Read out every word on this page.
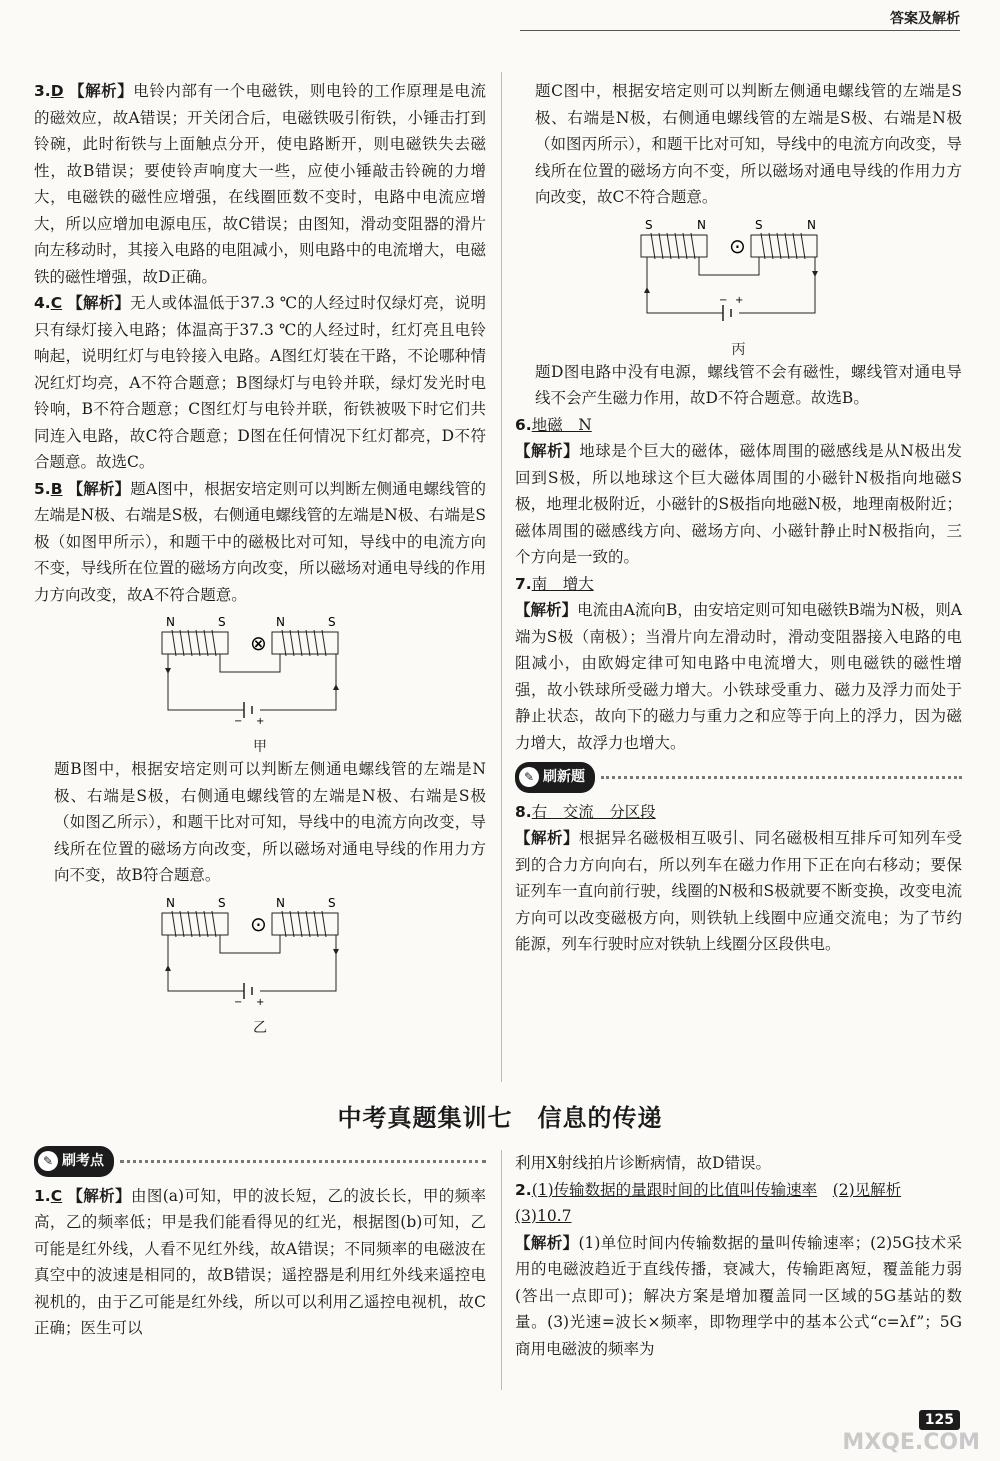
答案及解析

3.D 【解析】电铃内部有一个电磁铁，则电铃的工作原理是电流的磁效应，故A错误；开关闭合后，电磁铁吸引衔铁，小锤击打到铃碗，此时衔铁与上面触点分开，使电路断开，则电磁铁失去磁性，故B错误；要使铃声响度大一些，应使小锤敲击铃碗的力增大，电磁铁的磁性应增强，在线圈匝数不变时，电路中电流应增大，所以应增加电源电压，故C错误；由图知，滑动变阻器的滑片向左移动时，其接入电路的电阻减小，则电路中的电流增大，电磁铁的磁性增强，故D正确。

4.C 【解析】无人或体温低于37.3 ℃的人经过时仅绿灯亮，说明只有绿灯接入电路；体温高于37.3 ℃的人经过时，红灯亮且电铃响起，说明红灯与电铃接入电路。A图红灯装在干路，不论哪种情况红灯均亮，A不符合题意；B图绿灯与电铃并联，绿灯发光时电铃响，B不符合题意；C图红灯与电铃并联，衔铁被吸下时它们共同连入电路，故C符合题意；D图在任何情况下红灯都亮，D不符合题意。故选C。

5.B 【解析】题A图中，根据安培定则可以判断左侧通电螺线管的左端是N极、右端是S极，右侧通电螺线管的左端是N极、右端是S极（如图甲所示），和题干中的磁极比对可知，导线中的电流方向不变，导线所在位置的磁场方向改变，所以磁场对通电导线的作用力方向改变，故A不符合题意。

N	S	N	S
⊗
− +
甲

题B图中，根据安培定则可以判断左侧通电螺线管的左端是N极、右端是S极，右侧通电螺线管的左端是N极、右端是S极（如图乙所示），和题干比对可知，导线中的电流方向改变，导线所在位置的磁场方向改变，所以磁场对通电导线的作用力方向不变，故B符合题意。

N	S	N	S
⊙
− +
乙

题C图中，根据安培定则可以判断左侧通电螺线管的左端是S极、右端是N极，右侧通电螺线管的左端是S极、右端是N极（如图丙所示），和题干比对可知，导线中的电流方向改变，导线所在位置的磁场方向不变，所以磁场对通电导线的作用力方向改变，故C不符合题意。

S	N	S	N
⊙
+
−
丙

题D图电路中没有电源，螺线管不会有磁性，螺线管对通电导线不会产生磁力作用，故D不符合题意。故选B。

6.地磁　N

【解析】地球是个巨大的磁体，磁体周围的磁感线是从N极出发回到S极，所以地球这个巨大磁体周围的小磁针N极指向地磁S极，地理北极附近，小磁针的S极指向地磁N极，地理南极附近；磁体周围的磁感线方向、磁场方向、小磁针静止时N极指向，三个方向是一致的。

7.南　增大

【解析】电流由A流向B，由安培定则可知电磁铁B端为N极，则A端为S极（南极）；当滑片向左滑动时，滑动变阻器接入电路的电阻减小，由欧姆定律可知电路中电流增大，则电磁铁的磁性增强，故小铁球所受磁力增大。小铁球受重力、磁力及浮力而处于静止状态，故向下的磁力与重力之和应等于向上的浮力，因为磁力增大，故浮力也增大。

✎ 刷新题

8.右　交流　分区段

【解析】根据异名磁极相互吸引、同名磁极相互排斥可知列车受到的合力方向向右，所以列车在磁力作用下正在向右移动；要保证列车一直向前行驶，线圈的N极和S极就要不断变换，改变电流方向可以改变磁极方向，则铁轨上线圈中应通交流电；为了节约能源，列车行驶时应对铁轨上线圈分区段供电。

中考真题集训七　信息的传递
✎ 刷考点

1.C 【解析】由图(a)可知，甲的波长短，乙的波长长，甲的频率高，乙的频率低；甲是我们能看得见的红光，根据图(b)可知，乙可能是红外线，人看不见红外线，故A错误；不同频率的电磁波在真空中的波速是相同的，故B错误；遥控器是利用红外线来遥控电视机的，由于乙可能是红外线，所以可以利用乙遥控电视机，故C正确；医生可以

利用X射线拍片诊断病情，故D错误。

2.(1)传输数据的量跟时间的比值叫传输速率　 (2)见解析

(3)10.7

【解析】(1)单位时间内传输数据的量叫传输速率；(2)5G技术采用的电磁波趋近于直线传播，衰减大，传输距离短，覆盖能力弱(答出一点即可)；解决方案是增加覆盖同一区域的5G基站的数量。(3)光速=波长×频率，即物理学中的基本公式“c=λf”；5G商用电磁波的频率为

125
MXQE.COM
